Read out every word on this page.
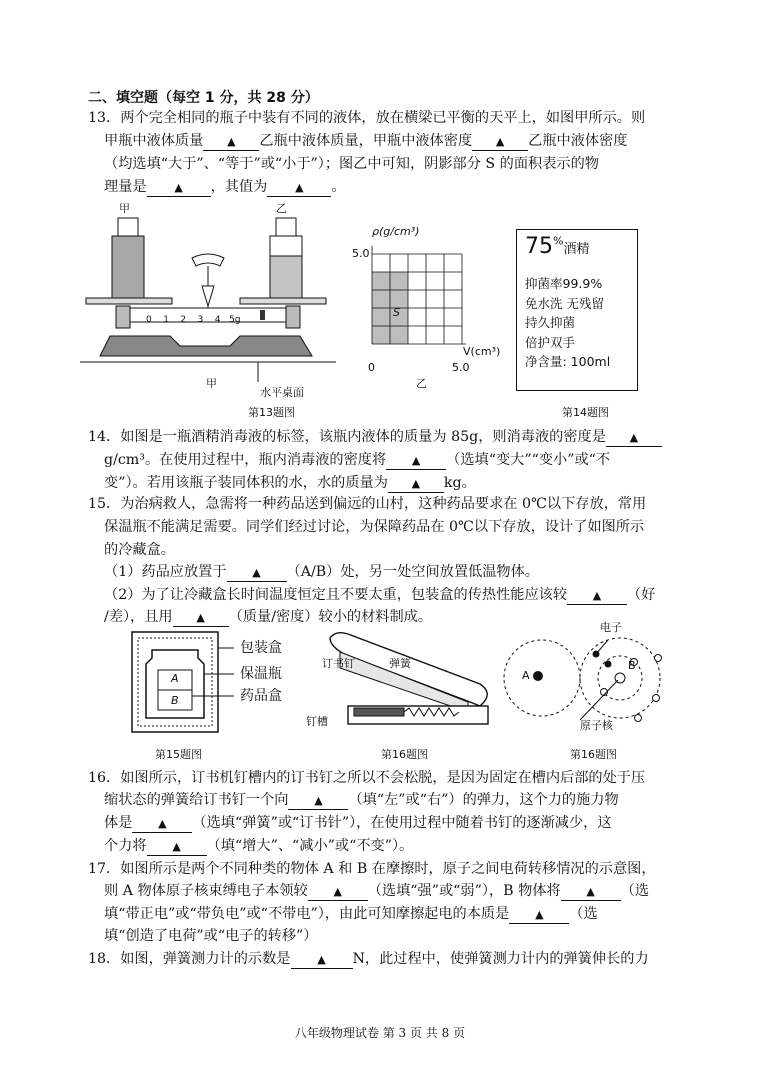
二、填空题（每空 1 分，共 28 分）
13．两个完全相同的瓶子中装有不同的液体，放在横梁已平衡的天平上，如图甲所示。则
甲瓶中液体质量 ▲ 乙瓶中液体质量，甲瓶中液体密度 ▲ 乙瓶中液体密度
（均选填“大于”、“等于”或“小于”）；图乙中可知，阴影部分 S 的面积表示的物
理量是	▲ ，其值为	▲ 。
甲	乙
0 1 2 3 4 5g
甲
水平桌面
ρ(g/cm³)
5.0
S
V(cm³)
0	5.0
乙
第13题图
75%酒精
抑菌率99.9%
免水洗 无残留
持久抑菌
倍护双手
净含量: 100ml
第14题图
14．如图是一瓶酒精消毒液的标签，该瓶内液体的质量为 85g，则消毒液的密度是 ▲
g/cm³。在使用过程中，瓶内消毒液的密度将 ▲ （选填“变大”“变小”或“不
变”）。若用该瓶子装同体积的水，水的质量为 ▲ kg。
15．为治病救人，急需将一种药品送到偏远的山村，这种药品要求在 0℃以下存放，常用
保温瓶不能满足需要。同学们经过讨论，为保障药品在 0℃以下存放，设计了如图所示
的冷藏盒。
（1）药品应放置于 ▲ （A/B）处，另一处空间放置低温物体。
（2）为了让冷藏盒长时间温度恒定且不要太重，包装盒的传热性能应该较 ▲ （好
/差），且用 ▲ （质量/密度）较小的材料制成。
A
B
包装盒
保温瓶
药品盒
第15题图
订书钉	弹簧
钉槽
第16题图
电子
A
B
原子核
第16题图
16．如图所示，订书机钉槽内的订书钉之所以不会松脱，是因为固定在槽内后部的处于压
缩状态的弹簧给订书钉一个向 ▲ （填“左”或“右”）的弹力，这个力的施力物
体是 ▲ （选填“弹簧”或“订书针”），在使用过程中随着书钉的逐渐减少，这
个力将 ▲ （填“增大”、“减小”或“不变”）。
17．如图所示是两个不同种类的物体 A 和 B 在摩擦时，原子之间电荷转移情况的示意图，
则 A 物体原子核束缚电子本领较 ▲ （选填“强”或“弱”），B 物体将 ▲ （选
填“带正电”或“带负电”或“不带电”），由此可知摩擦起电的本质是 ▲ （选
填“创造了电荷”或“电子的转移”）
18．如图，弹簧测力计的示数是 ▲ N，此过程中，使弹簧测力计内的弹簧伸长的力
八年级物理试卷 第 3 页 共 8 页
